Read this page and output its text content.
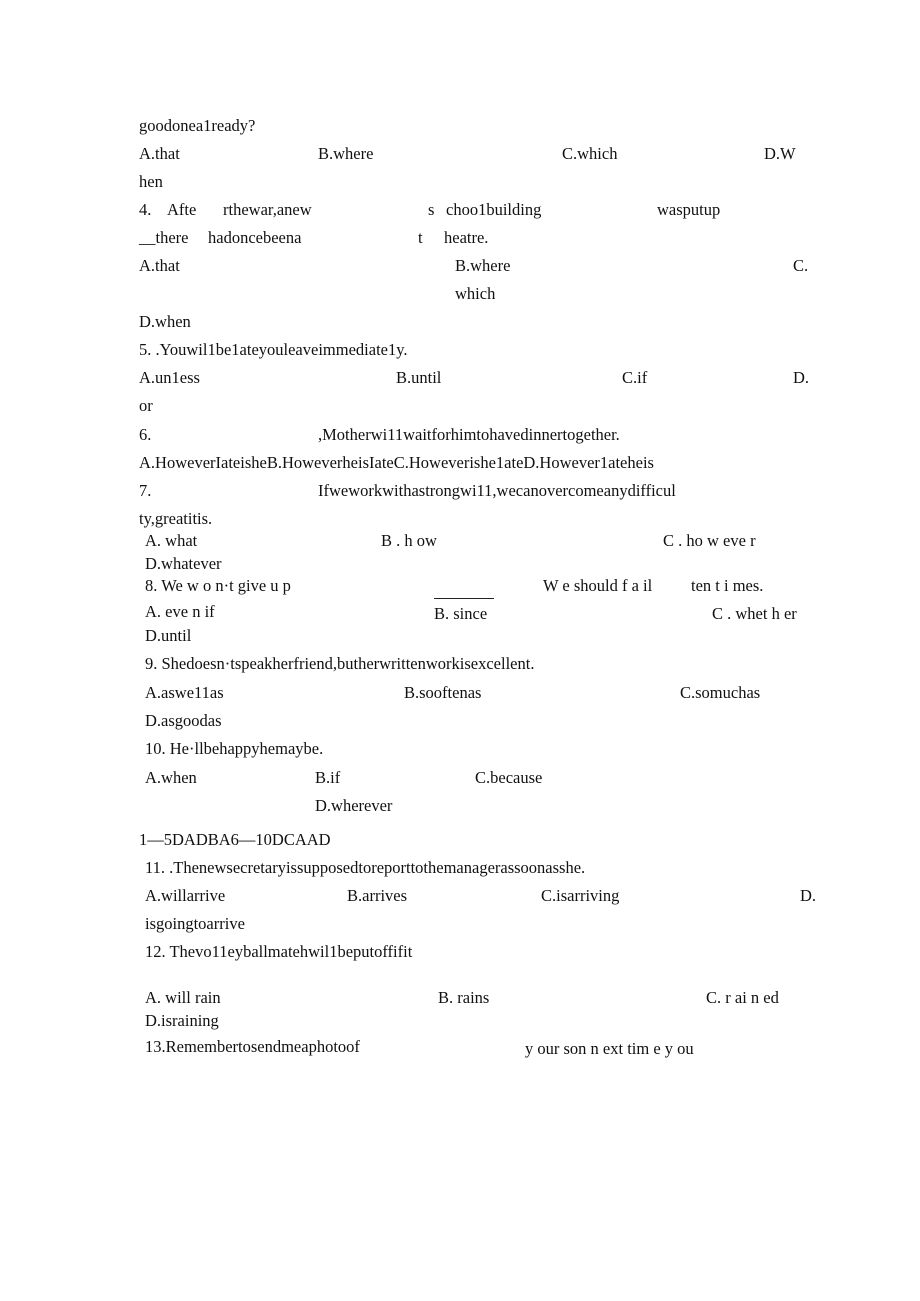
goodonea1ready?
A.that	B.where	C.which	D.W
hen
4. Afte rthewar,anew	s choo1building	wasputup
__there hadoncebeena	t heatre.
A.that	B.where	C.
which
D.when
5. .Youwil1be1ateyouleaveimmediate1y.
A.un1ess	B.until	C.if	D.
or
6.	,Motherwi11waitforhimtohavedinnertogether.
A.HoweverIateisheB.HoweverheisIateC.Howeverishe1ateD.However1ateheis
7.	Ifweworkwithastrongwi11,wecanovercomeanydifficul
ty,greatitis.
A. what	B . h ow	C . ho w eve r
D.whatever
8. We w o n·t give u p	W e should f a il ten t i mes.
A. eve n if	B. since	C . whet h er
D.until
9. Shedoesn·tspeakherfriend,butherwrittenworkisexcellent.
A.aswe11as	B.sooftenas	C.somuchas
D.asgoodas
10. He·llbehappyhemaybe.
A.when	B.if	C.because
D.wherever
1—5DADBA6—10DCAAD
11. .Thenewsecretaryissupposedtoreporttothemanagerassoonasshe.
A.willarrive	B.arrives	C.isarriving	D.
isgoingtoarrive
12. Thevo11eyballmatehwil1beputoffifit
A. will rain	B. rains	C. r ai n ed
D.israining
13.Remembertosendmeaphotoof	y our son n ext tim e y ou
